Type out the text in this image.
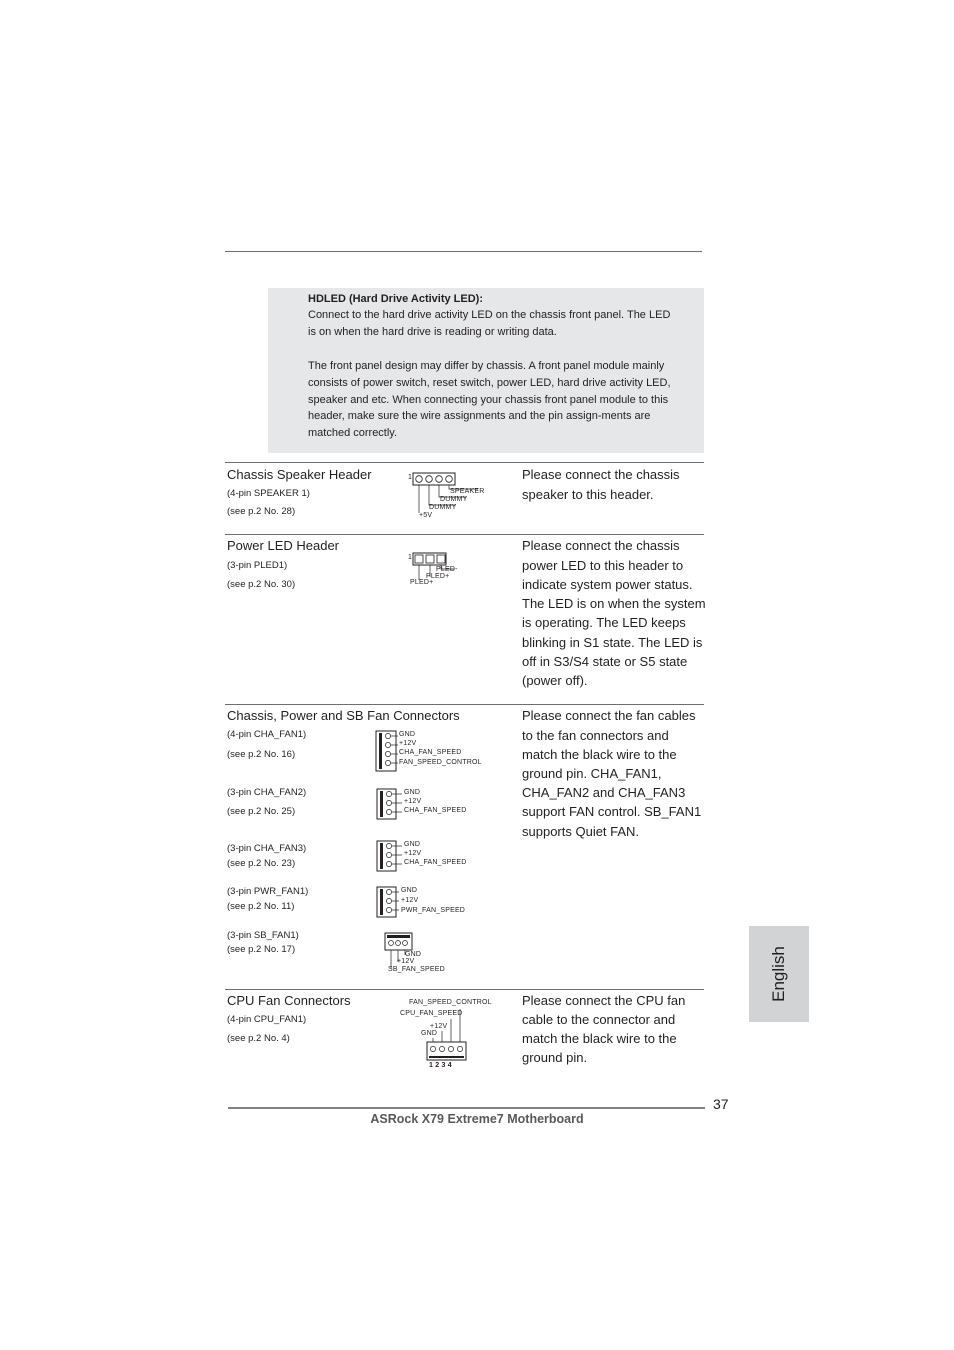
HDLED (Hard Drive Activity LED):
Connect to the hard drive activity LED on the chassis front panel. The LED
is on when the hard drive is reading or writing data.
The front panel design may differ by chassis. A front panel module mainly
consists of power switch, reset switch, power LED, hard drive activity LED,
speaker and etc. When connecting your chassis front panel module to this
header, make sure the wire assignments and the pin assign-ments are
matched correctly.
Chassis Speaker Header
(4-pin SPEAKER 1)
(see p.2 No. 28)
Please connect the chassis
speaker to this header.
1
SPEAKER
DUMMY
DUMMY
+5V
Power LED Header
(3-pin PLED1)
(see p.2 No. 30)
Please connect the chassis
power LED to this header to
indicate system power status.
The LED is on when the system
is operating. The LED keeps
blinking in S1 state. The LED is
off in S3/S4 state or S5 state
(power off).
1
PLED-
PLED+
PLED+
Chassis, Power and SB Fan Connectors	Please connect the fan cables
to the fan connectors and
match the black wire to the
ground pin. CHA_FAN1,
CHA_FAN2 and CHA_FAN3
support FAN control. SB_FAN1
supports Quiet FAN.
(4-pin CHA_FAN1)
(see p.2 No. 16)
GND
+12V
CHA_FAN_SPEED
FAN_SPEED_CONTROL
(3-pin CHA_FAN2)
(see p.2 No. 25)
GND
+12V
CHA_FAN_SPEED
(3-pin CHA_FAN3)
(see p.2 No. 23)
GND
+12V
CHA_FAN_SPEED
(3-pin PWR_FAN1)
(see p.2 No. 11)
GND
+12V
PWR_FAN_SPEED
(3-pin SB_FAN1)
(see p.2 No. 17)	GND
+12V
SB_FAN_SPEED
CPU Fan Connectors
(4-pin CPU_FAN1)
(see p.2 No. 4)
Please connect the CPU fan
cable to the connector and
match the black wire to the
ground pin.
FAN_SPEED_CONTROL
CPU_FAN_SPEED
+12V
GND
1 2 3 4
English
37
ASRock X79 Extreme7 Motherboard
